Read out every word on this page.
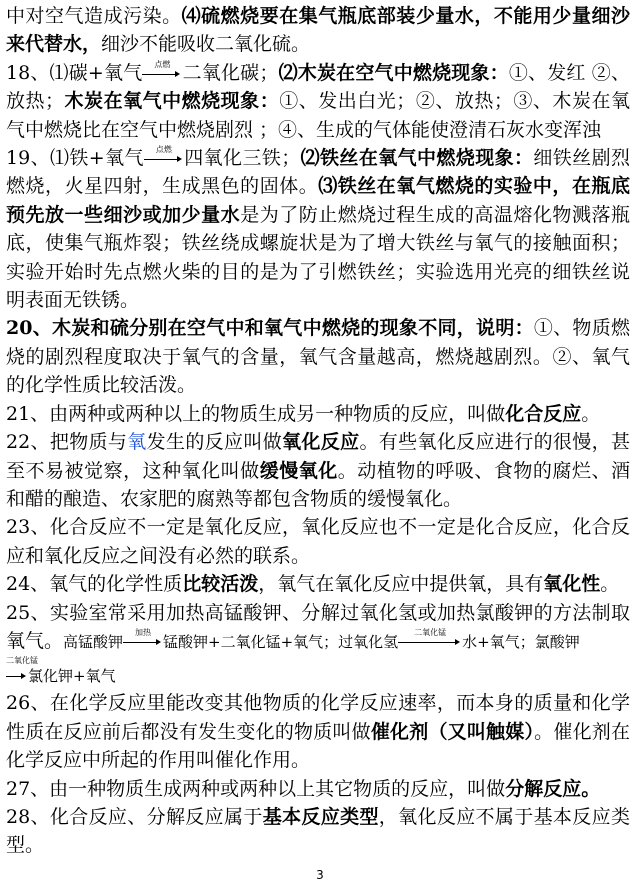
中对空气造成污染。⑷硫燃烧要在集气瓶底部装少量水，不能用少量细沙来代替水，细沙不能吸收二氧化硫。

18、⑴碳+氧气	点燃 二氧化碳；⑵木炭在空气中燃烧现象：①、发红 ②、放热；木炭在氧气中燃烧现象：①、发出白光；②、放热；③、木炭在氧气中燃烧比在空气中燃烧剧烈 ；④、生成的气体能使澄清石灰水变浑浊

19、⑴铁+氧气	点燃 四氧化三铁；⑵铁丝在氧气中燃烧现象：细铁丝剧烈燃烧，火星四射，生成黑色的固体。⑶铁丝在氧气燃烧的实验中，在瓶底预先放一些细沙或加少量水是为了防止燃烧过程生成的高温熔化物溅落瓶底，使集气瓶炸裂；铁丝绕成螺旋状是为了增大铁丝与氧气的接触面积；实验开始时先点燃火柴的目的是为了引燃铁丝；实验选用光亮的细铁丝说明表面无铁锈。

20、木炭和硫分别在空气中和氧气中燃烧的现象不同，说明：①、物质燃烧的剧烈程度取决于氧气的含量，氧气含量越高，燃烧越剧烈。②、氧气的化学性质比较活泼。

21、由两种或两种以上的物质生成另一种物质的反应，叫做化合反应。

22、把物质与氧发生的反应叫做氧化反应。有些氧化反应进行的很慢，甚至不易被觉察，这种氧化叫做缓慢氧化。动植物的呼吸、食物的腐烂、酒和醋的酿造、农家肥的腐熟等都包含物质的缓慢氧化。

23、化合反应不一定是氧化反应，氧化反应也不一定是化合反应，化合反应和氧化反应之间没有必然的联系。

24、氧气的化学性质比较活泼，氧气在氧化反应中提供氧，具有氧化性。

25、实验室常采用加热高锰酸钾、分解过氧化氢或加热氯酸钾的方法制取氧气。高锰酸钾
加热
锰酸钾+二氧化锰+氧气；过氧化氢
二氧化锰
水+氧气；氯酸钾

二氧化锰
氯化钾+氧气

26、在化学反应里能改变其他物质的化学反应速率，而本身的质量和化学性质在反应前后都没有发生变化的物质叫做催化剂（又叫触媒）。催化剂在化学反应中所起的作用叫催化作用。

27、由一种物质生成两种或两种以上其它物质的反应，叫做分解反应。

28、化合反应、分解反应属于基本反应类型，氧化反应不属于基本反应类型。

3
